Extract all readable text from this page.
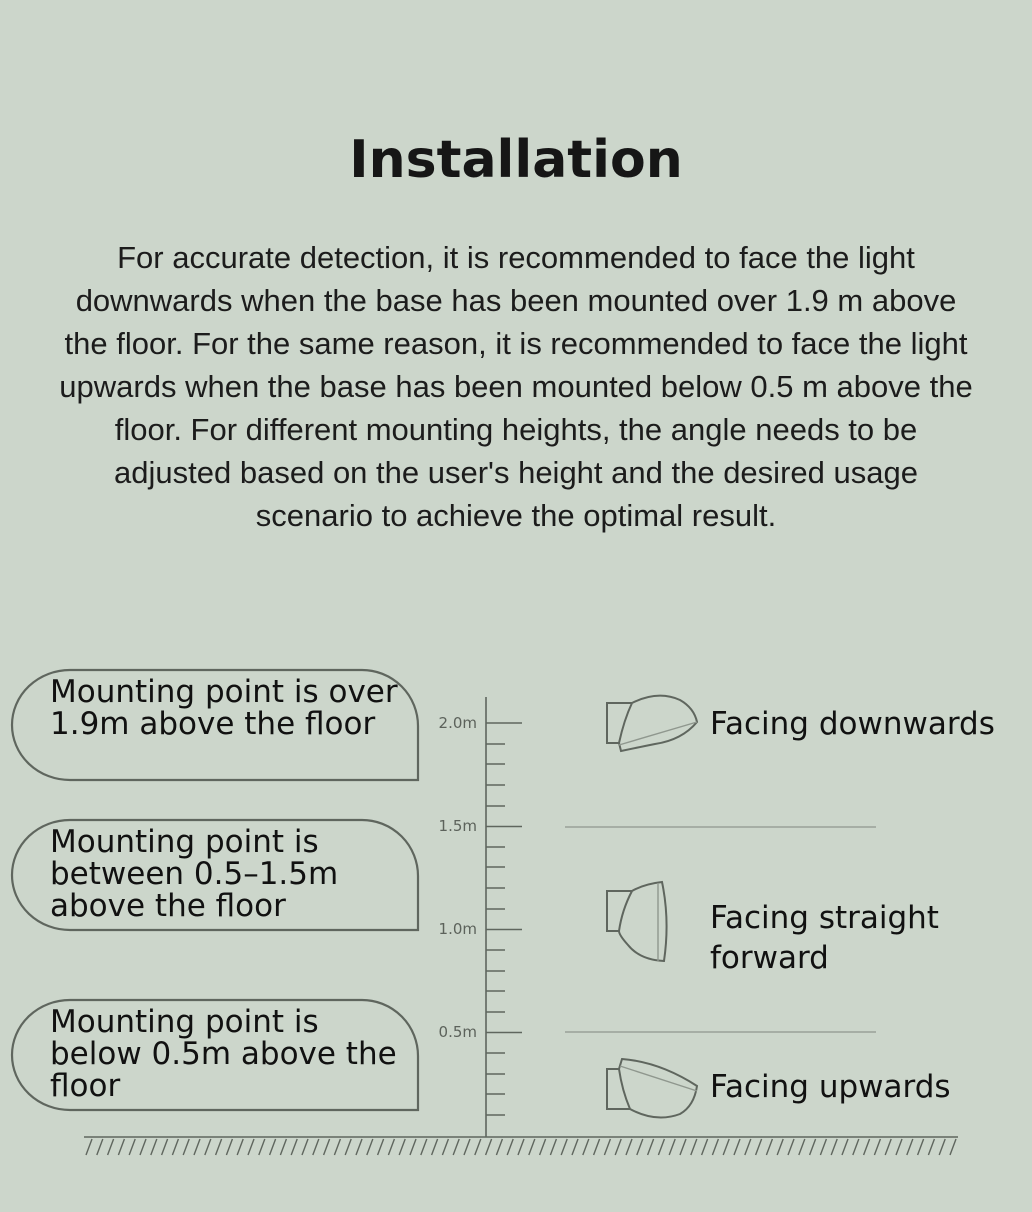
Installation

For accurate detection, it is recommended to face the light downwards when the base has been mounted over 1.9 m above the floor. For the same reason, it is recommended to face the light upwards when the base has been mounted below 0.5 m above the floor. For different mounting heights, the angle needs to be adjusted based on the user's height and the desired usage scenario to achieve the optimal result.

Mounting point is over 1.9m above the floor
Mounting point is between 0.5–1.5m above the floor
Mounting point is below 0.5m above the floor
2.0m
1.5m
1.0m
0.5m
Facing downwards
Facing straight forward
Facing upwards
